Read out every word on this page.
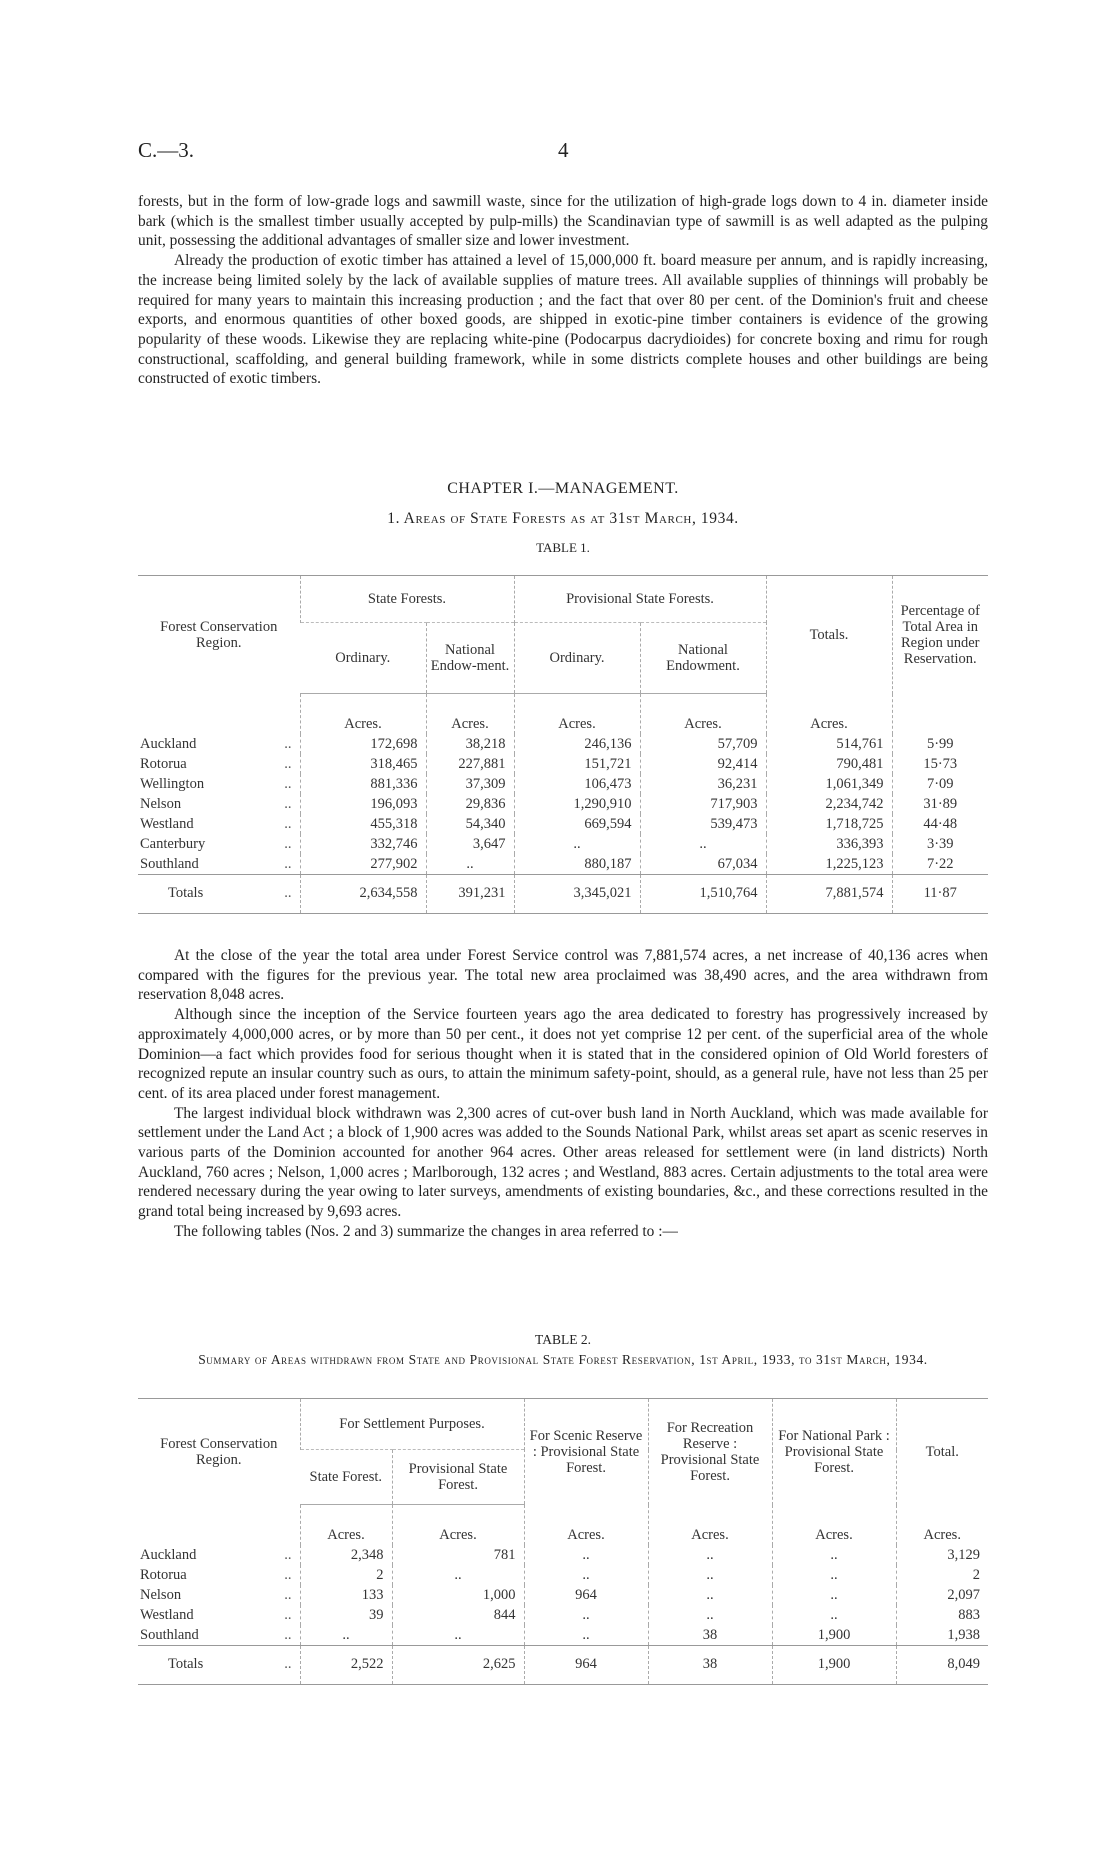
C.—3.	4

forests, but in the form of low-grade logs and sawmill waste, since for the utilization of high-grade logs down to 4 in. diameter inside bark (which is the smallest timber usually accepted by pulp-mills) the Scandinavian type of sawmill is as well adapted as the pulping unit, possessing the additional advantages of smaller size and lower investment.

Already the production of exotic timber has attained a level of 15,000,000 ft. board measure per annum, and is rapidly increasing, the increase being limited solely by the lack of available supplies of mature trees. All available supplies of thinnings will probably be required for many years to maintain this increasing production ; and the fact that over 80 per cent. of the Dominion's fruit and cheese exports, and enormous quantities of other boxed goods, are shipped in exotic-pine timber containers is evidence of the growing popularity of these woods. Likewise they are replacing white-pine (Podocarpus dacrydioides) for concrete boxing and rimu for rough constructional, scaffolding, and general building framework, while in some districts complete houses and other buildings are being constructed of exotic timbers.

CHAPTER I.—MANAGEMENT.
1. Areas of State Forests as at 31st March, 1934.
TABLE 1.
Forest Conservation Region.	State Forests.		Provisional State Forests.		Totals.	Percentage of Total Area in Region under Reservation.
	Ordinary.	National Endow-ment.	Ordinary.	National Endowment.		
	Acres.	Acres.	Acres.	Acres.	Acres.	
Auckland ..	172,698	38,218	246,136	57,709	514,761	5·99
Rotorua ..	318,465	227,881	151,721	92,414	790,481	15·73
Wellington ..	881,336	37,309	106,473	36,231	1,061,349	7·09
Nelson ..	196,093	29,836	1,290,910	717,903	2,234,742	31·89
Westland ..	455,318	54,340	669,594	539,473	1,718,725	44·48
Canterbury ..	332,746	3,647	..	..	336,393	3·39
Southland ..	277,902	..	880,187	67,034	1,225,123	7·22
Totals ..	2,634,558	391,231	3,345,021	1,510,764	7,881,574	11·87

At the close of the year the total area under Forest Service control was 7,881,574 acres, a net increase of 40,136 acres when compared with the figures for the previous year. The total new area proclaimed was 38,490 acres, and the area withdrawn from reservation 8,048 acres.

Although since the inception of the Service fourteen years ago the area dedicated to forestry has progressively increased by approximately 4,000,000 acres, or by more than 50 per cent., it does not yet comprise 12 per cent. of the superficial area of the whole Dominion—a fact which provides food for serious thought when it is stated that in the considered opinion of Old World foresters of recognized repute an insular country such as ours, to attain the minimum safety-point, should, as a general rule, have not less than 25 per cent. of its area placed under forest management.

The largest individual block withdrawn was 2,300 acres of cut-over bush land in North Auckland, which was made available for settlement under the Land Act ; a block of 1,900 acres was added to the Sounds National Park, whilst areas set apart as scenic reserves in various parts of the Dominion accounted for another 964 acres. Other areas released for settlement were (in land districts) North Auckland, 760 acres ; Nelson, 1,000 acres ; Marlborough, 132 acres ; and Westland, 883 acres. Certain adjustments to the total area were rendered necessary during the year owing to later surveys, amendments of existing boundaries, &c., and these corrections resulted in the grand total being increased by 9,693 acres.

The following tables (Nos. 2 and 3) summarize the changes in area referred to :—

TABLE 2.
Summary of Areas withdrawn from State and Provisional State Forest Reservation, 1st April, 1933, to 31st March, 1934.
Forest Conservation Region.	For Settlement Purposes.		For Scenic Reserve : Provisional State Forest.	For Recreation Reserve : Provisional State Forest.	For National Park : Provisional State Forest.	Total.
	State Forest.	Provisional State Forest.				
	Acres.	Acres.	Acres.	Acres.	Acres.	Acres.
Auckland ..	2,348	781	..	..	..	3,129
Rotorua ..	2	..	..	..	..	2
Nelson ..	133	1,000	964	..	..	2,097
Westland ..	39	844	..	..	..	883
Southland ..	..	..	..	38	1,900	1,938
Totals ..	2,522	2,625	964	38	1,900	8,049
